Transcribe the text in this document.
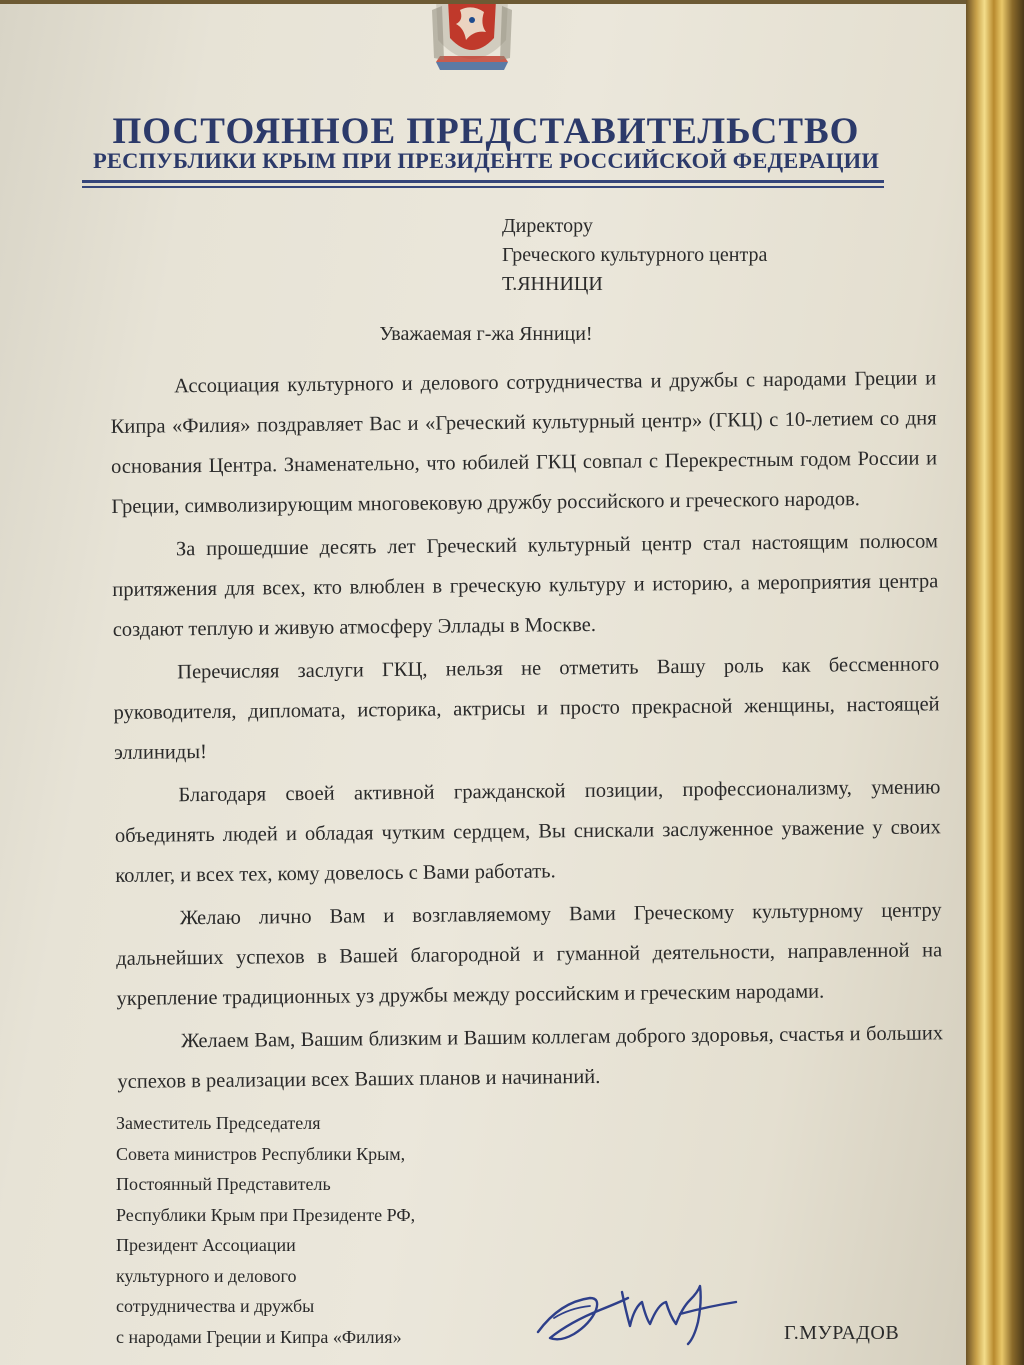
ПОСТОЯННОЕ ПРЕДСТАВИТЕЛЬСТВО
РЕСПУБЛИКИ КРЫМ ПРИ ПРЕЗИДЕНТЕ РОССИЙСКОЙ ФЕДЕРАЦИИ
Директору
Греческого культурного центра
Т.ЯННИЦИ
Уважаемая г-жа Янници!

Ассоциация культурного и делового сотрудничества и дружбы с народами Греции и Кипра «Филия» поздравляет Вас и «Греческий культурный центр» (ГКЦ) с 10-летием со дня основания Центра. Знаменательно, что юбилей ГКЦ совпал с Перекрестным годом России и Греции, символизирующим многовековую дружбу российского и греческого народов.

За прошедшие десять лет Греческий культурный центр стал настоящим полюсом притяжения для всех, кто влюблен в греческую культуру и историю, а мероприятия центра создают теплую и живую атмосферу Эллады в Москве.

Перечисляя заслуги ГКЦ, нельзя не отметить Вашу роль как бессменного руководителя, дипломата, историка, актрисы и просто прекрасной женщины, настоящей эллиниды!

Благодаря своей активной гражданской позиции, профессионализму, умению объединять людей и обладая чутким сердцем, Вы снискали заслуженное уважение у своих коллег, и всех тех, кому довелось с Вами работать.

Желаю лично Вам и возглавляемому Вами Греческому культурному центру дальнейших успехов в Вашей благородной и гуманной деятельности, направленной на укрепление традиционных уз дружбы между российским и греческим народами.

Желаем Вам, Вашим близким и Вашим коллегам доброго здоровья, счастья и больших успехов в реализации всех Ваших планов и начинаний.

Заместитель Председателя
Совета министров Республики Крым,
Постоянный Представитель
Республики Крым при Президенте РФ,
Президент Ассоциации
культурного и делового
сотрудничества и дружбы
с народами Греции и Кипра «Филия»	Г.МУРАДОВ
